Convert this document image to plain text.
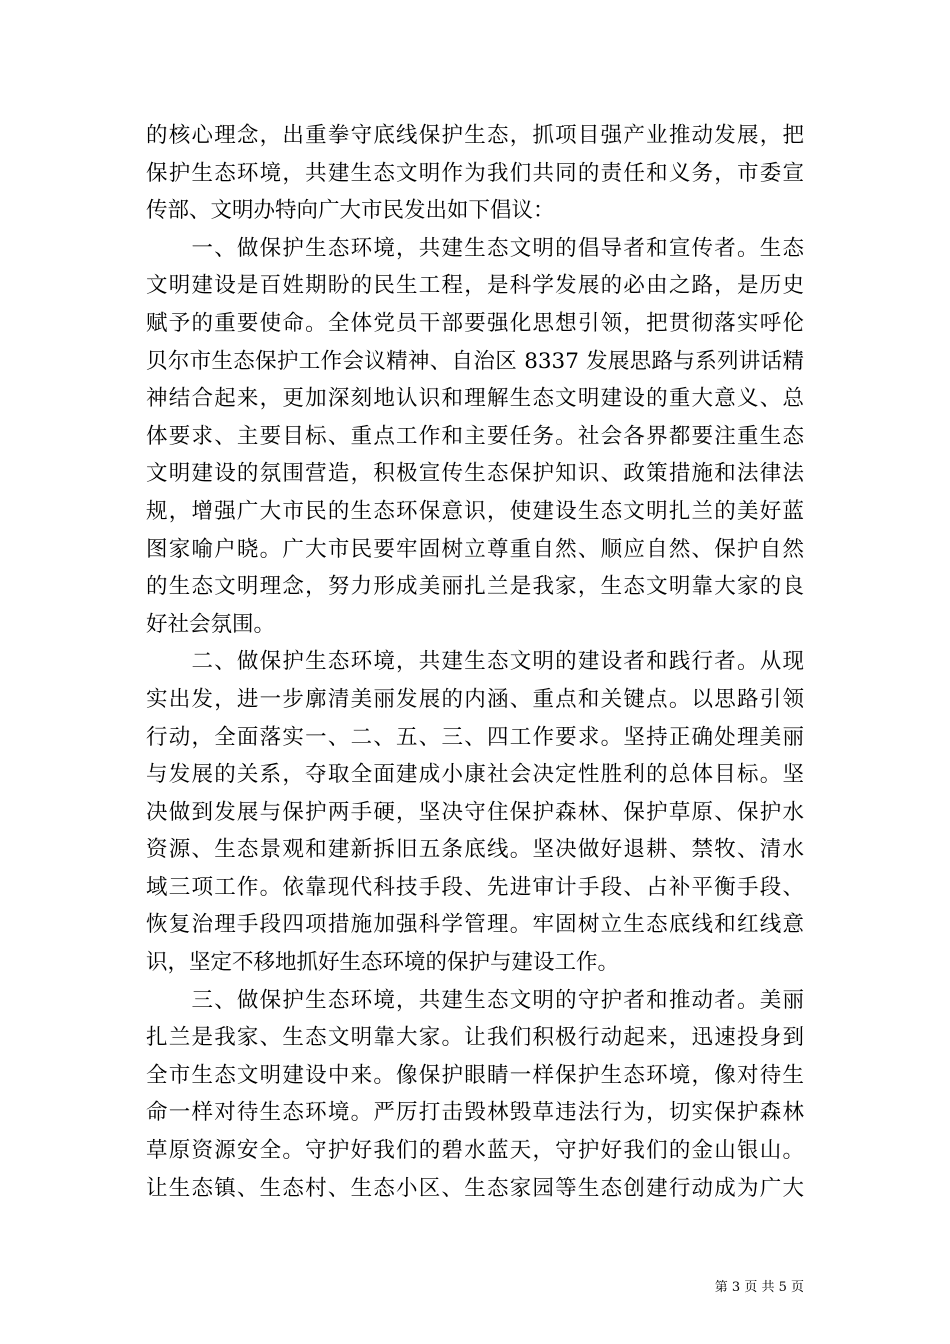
的核心理念，出重拳守底线保护生态，抓项目强产业推动发展，把
保护生态环境，共建生态文明作为我们共同的责任和义务，市委宣
传部、文明办特向广大市民发出如下倡议：
　　一、做保护生态环境，共建生态文明的倡导者和宣传者。生态
文明建设是百姓期盼的民生工程，是科学发展的必由之路，是历史
赋予的重要使命。全体党员干部要强化思想引领，把贯彻落实呼伦
贝尔市生态保护工作会议精神、自治区 8337 发展思路与系列讲话精
神结合起来，更加深刻地认识和理解生态文明建设的重大意义、总
体要求、主要目标、重点工作和主要任务。社会各界都要注重生态
文明建设的氛围营造，积极宣传生态保护知识、政策措施和法律法
规，增强广大市民的生态环保意识，使建设生态文明扎兰的美好蓝
图家喻户晓。广大市民要牢固树立尊重自然、顺应自然、保护自然
的生态文明理念，努力形成美丽扎兰是我家，生态文明靠大家的良
好社会氛围。
　　二、做保护生态环境，共建生态文明的建设者和践行者。从现
实出发，进一步廓清美丽发展的内涵、重点和关键点。以思路引领
行动，全面落实一、二、五、三、四工作要求。坚持正确处理美丽
与发展的关系，夺取全面建成小康社会决定性胜利的总体目标。坚
决做到发展与保护两手硬，坚决守住保护森林、保护草原、保护水
资源、生态景观和建新拆旧五条底线。坚决做好退耕、禁牧、清水
域三项工作。依靠现代科技手段、先进审计手段、占补平衡手段、
恢复治理手段四项措施加强科学管理。牢固树立生态底线和红线意
识，坚定不移地抓好生态环境的保护与建设工作。
　　三、做保护生态环境，共建生态文明的守护者和推动者。美丽
扎兰是我家、生态文明靠大家。让我们积极行动起来，迅速投身到
全市生态文明建设中来。像保护眼睛一样保护生态环境，像对待生
命一样对待生态环境。严厉打击毁林毁草违法行为，切实保护森林
草原资源安全。守护好我们的碧水蓝天，守护好我们的金山银山。
让生态镇、生态村、生态小区、生态家园等生态创建行动成为广大
第 3 页 共 5 页
